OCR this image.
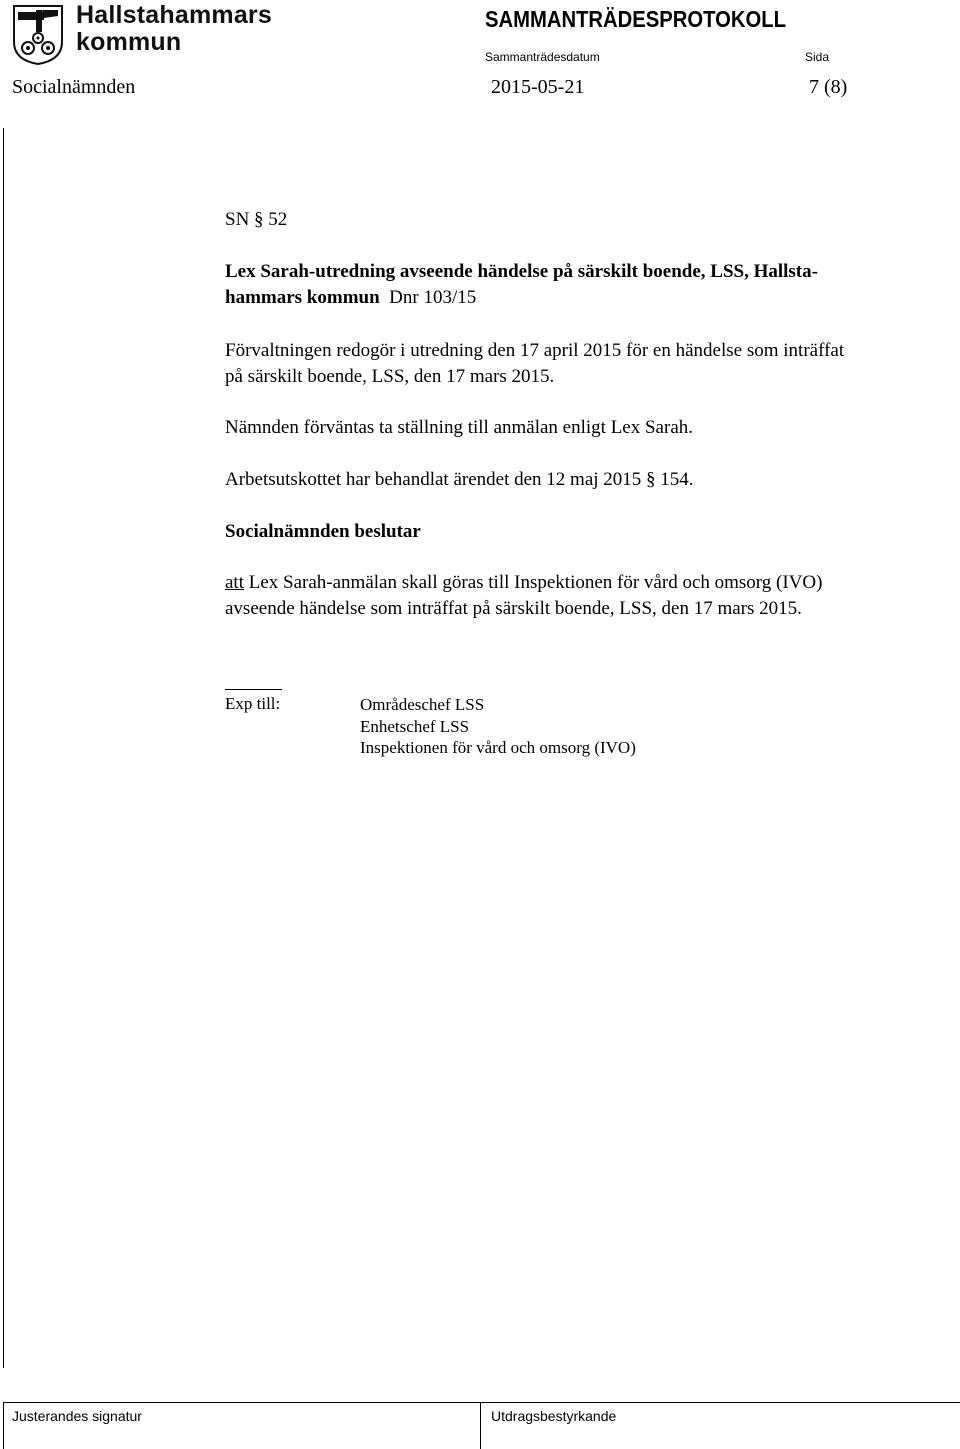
Hallstahammars
kommun
SAMMANTRÄDESPROTOKOLL
Sammanträdesdatum	Sida
Socialnämnden	2015-05-21	7 (8)
SN § 52
Lex Sarah-utredning avseende händelse på särskilt boende, LSS, Hallsta-
hammars kommun Dnr 103/15
Förvaltningen redogör i utredning den 17 april 2015 för en händelse som inträffat
på särskilt boende, LSS, den 17 mars 2015.
Nämnden förväntas ta ställning till anmälan enligt Lex Sarah.
Arbetsutskottet har behandlat ärendet den 12 maj 2015 § 154.
Socialnämnden beslutar
att Lex Sarah-anmälan skall göras till Inspektionen för vård och omsorg (IVO)
avseende händelse som inträffat på särskilt boende, LSS, den 17 mars 2015.
Exp till:	Områdeschef LSS
Enhetschef LSS
Inspektionen för vård och omsorg (IVO)
Justerandes signatur	Utdragsbestyrkande
